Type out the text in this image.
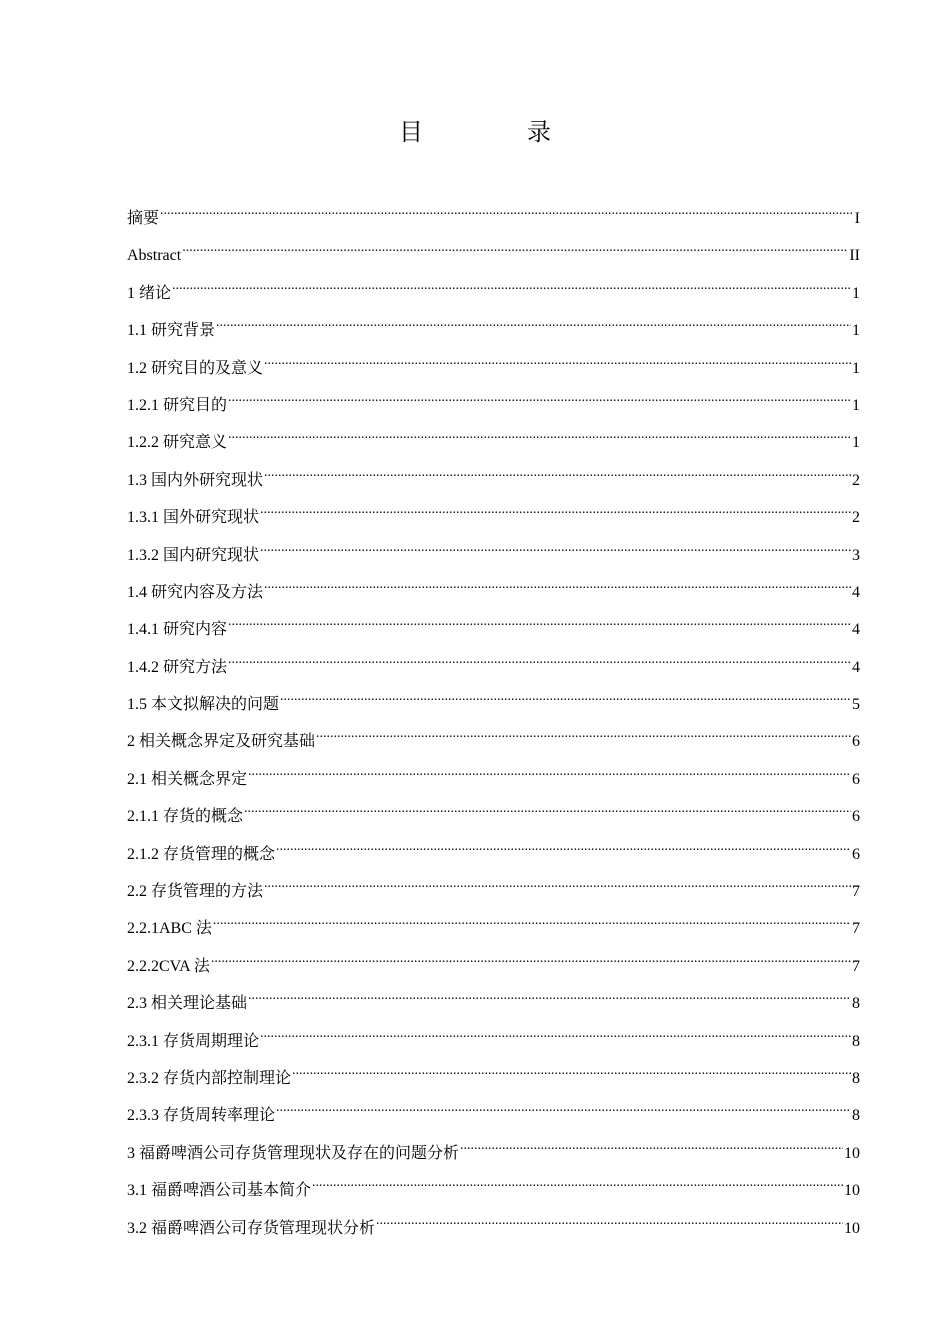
目　录
摘要 .....	I
Abstract .....	II
1 绪论 .....	1
1.1 研究背景 .....	1
1.2 研究目的及意义 .....	1
1.2.1 研究目的 .....	1
1.2.2 研究意义 .....	1
1.3 国内外研究现状 .....	2
1.3.1 国外研究现状 .....	2
1.3.2 国内研究现状 .....	3
1.4 研究内容及方法 .....	4
1.4.1 研究内容 .....	4
1.4.2 研究方法 .....	4
1.5 本文拟解决的问题 .....	5
2 相关概念界定及研究基础 .....	6
2.1 相关概念界定 .....	6
2.1.1 存货的概念 .....	6
2.1.2 存货管理的概念 .....	6
2.2 存货管理的方法 .....	7
2.2.1ABC 法 .....	7
2.2.2CVA 法 .....	7
2.3 相关理论基础 .....	8
2.3.1 存货周期理论 .....	8
2.3.2 存货内部控制理论 .....	8
2.3.3 存货周转率理论 .....	8
3 福爵啤酒公司存货管理现状及存在的问题分析 .....	10
3.1 福爵啤酒公司基本简介 .....	10
3.2 福爵啤酒公司存货管理现状分析 .....	10
